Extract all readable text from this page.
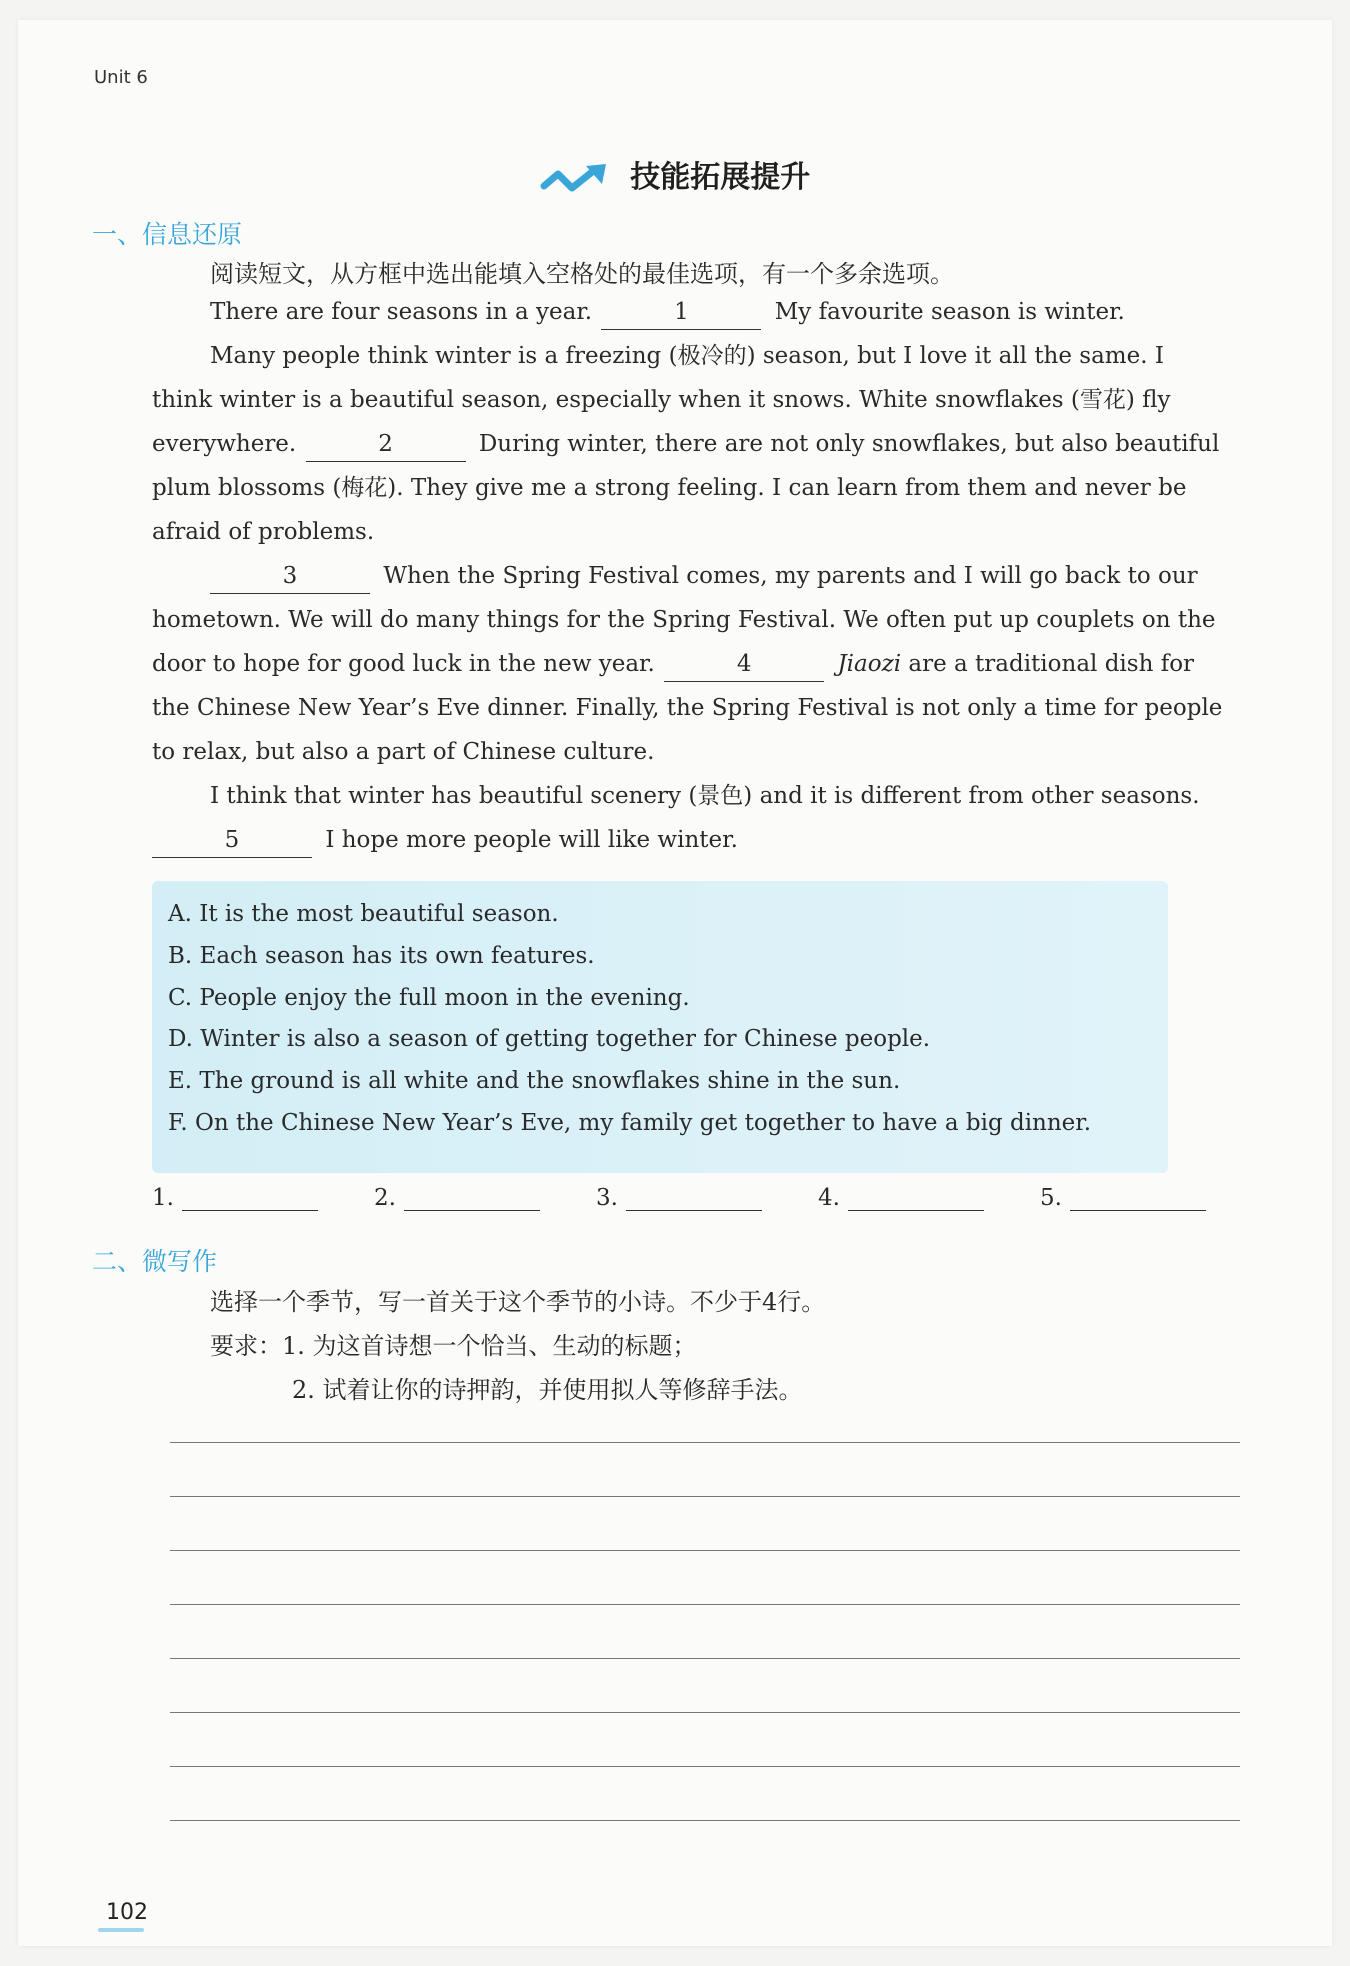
Unit 6
技能拓展提升
一、信息还原
阅读短文，从方框中选出能填入空格处的最佳选项，有一个多余选项。
There are four seasons in a year.	1	My favourite season is winter.
Many people think winter is a freezing (极冷的) season, but I love it all the same. I
think winter is a beautiful season, especially when it snows. White snowflakes (雪花) fly
everywhere.	2	During winter, there are not only snowflakes, but also beautiful
plum blossoms (梅花). They give me a strong feeling. I can learn from them and never be
afraid of problems.
3	When the Spring Festival comes, my parents and I will go back to our
hometown. We will do many things for the Spring Festival. We often put up couplets on the
door to hope for good luck in the new year.	4	Jiaozi are a traditional dish for
the Chinese New Year’s Eve dinner. Finally, the Spring Festival is not only a time for people
to relax, but also a part of Chinese culture.
I think that winter has beautiful scenery (景色) and it is different from other seasons.
5	I hope more people will like winter.
A. It is the most beautiful season.
B. Each season has its own features.
C. People enjoy the full moon in the evening.
D. Winter is also a season of getting together for Chinese people.
E. The ground is all white and the snowflakes shine in the sun.
F. On the Chinese New Year’s Eve, my family get together to have a big dinner.
1.	2.	3.	4.	5.
二、微写作
选择一个季节，写一首关于这个季节的小诗。不少于4行。
要求：1. 为这首诗想一个恰当、生动的标题；
2. 试着让你的诗押韵，并使用拟人等修辞手法。
102
